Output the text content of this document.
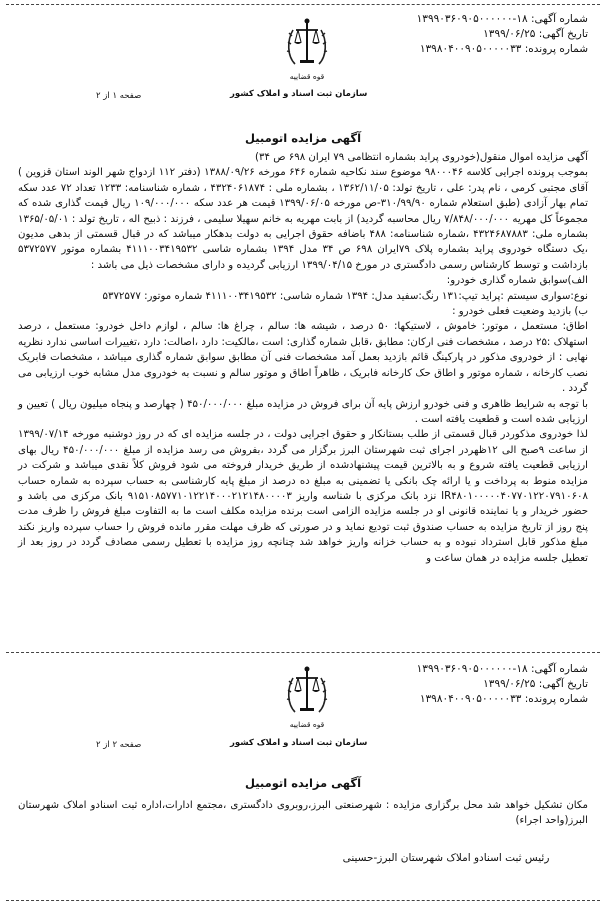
شماره آگهی: ۱۸-۱۳۹۹۰۳۶۰۹۰۵۰۰۰۰۰۰
تاریخ آگهی: ۱۳۹۹/۰۶/۲۵
شماره پرونده: ۱۳۹۸۰۴۰۰۹۰۵۰۰۰۰۰۳۳
قوه قضاییه
سازمان ثبت اسناد و املاک کشور
صفحه ۱ از ۲
آگهی مزایده اتومبیل

آگهی مزایده اموال منقول(خودروی پراید بشماره انتظامی ۷۹ ایران ۶۹۸ ص ۳۴)

بموجب پرونده اجرایی کلاسه ۹۸۰۰۰۴۶ موضوع سند نکاحیه شماره ۶۴۶ مورخه ۱۳۸۸/۰۹/۲۶ (دفتر ۱۱۲ ازدواج شهر الوند استان قزوین ) آقای مجتبی کرمی ، نام پدر: علی ، تاریخ تولد: ۱۳۶۲/۱۱/۰۵ ، بشماره ملی : ۴۳۲۴۰۶۱۸۷۴ ، شماره شناسنامه: ۱۲۳۳ تعداد ۷۲ عدد سکه تمام بهار آزادی (طبق استعلام شماره ۳۱۰/۹۹/۹۰-ص مورخه ۱۳۹۹/۰۶/۰۵ قیمت هر عدد سکه ۱۰۹/۰۰۰/۰۰۰ ریال قیمت گذاری شده که مجموعاً کل مهریه ۷/۸۴۸/۰۰۰/۰۰۰ ریال محاسبه گردید) از بابت مهریه به خانم سهیلا سلیمی ، فرزند : ذبیح اله ، تاریخ تولد : ۱۳۶۵/۰۵/۰۱ بشماره ملی: ۴۳۲۴۶۸۷۸۸۳ ،شماره شناسنامه: ۴۸۸ باضافه حقوق اجرایی به دولت بدهکار میباشد که در قبال قسمتی از بدهی مدیون ،یک دستگاه خودروی پراید بشماره پلاک ۷۹ایران ۶۹۸ ص ۳۴ مدل ۱۳۹۴ بشماره شاسی ۴۱۱۱۰۰۳۴۱۹۵۳۲ بشماره موتور ۵۳۷۲۵۷۷ بازداشت و توسط کارشناس رسمی دادگستری در مورخ ۱۳۹۹/۰۴/۱۵ ارزیابی گردیده و دارای مشخصات ذیل می باشد :

الف)سوابق شماره گذاری خودرو:

نوع:سواری سیستم :پراید تیپ:۱۳۱ رنگ:سفید مدل: ۱۳۹۴ شماره شاسی: ۴۱۱۱۰۰۳۴۱۹۵۳۲ شماره موتور: ۵۳۷۲۵۷۷

ب) بازدید وضعیت فعلی خودرو :

اطاق: مستعمل ، موتور: خاموش ، لاستیکها: ۵۰ درصد ، شیشه ها: سالم ، چراغ ها: سالم ، لوازم داخل خودرو: مستعمل ، درصد استهلاک :۲۵ درصد ، مشخصات فنی ارکان: مطابق ،قابل شماره گذاری: است ،مالکیت: دارد ،اصالت: دارد ،تغییرات اساسی ندارد نظریه نهایی : از خودروی مذکور در پارکینگ قائم بازدید بعمل آمد مشخصات فنی آن مطابق سوابق شماره گذاری میباشد ، مشخصات فابریک نصب کارخانه ، شماره موتور و اطاق حک کارخانه فابریک ، ظاهراً اطاق و موتور سالم و نسبت به خودروی مدل مشابه خوب ارزیابی می گردد .

با توجه به شرایط ظاهری و فنی خودرو ارزش پایه آن برای فروش در مزایده مبلغ ۴۵۰/۰۰۰/۰۰۰ ( چهارصد و پنجاه میلیون ریال ) تعیین و ارزیابی شده است و قطعیت یافته است .

لذا خودروی مذکوردر قبال قسمتی از طلب بستانکار و حقوق اجرایی دولت ، در جلسه مزایده ای که در روز دوشنبه مورخه ۱۳۹۹/۰۷/۱۴ از ساعت ۹صبح الی ۱۲ظهردر اجرای ثبت شهرستان البرز برگزار می گردد ،بفروش می رسد مزایده از مبلغ ۴۵۰/۰۰۰/۰۰۰ ریال بهای ارزیابی قطعیت یافته شروع و به بالاترین قیمت پیشنهادشده از طریق خریدار فروخته می شود فروش کلاً نقدی میباشد و شرکت در مزایده منوط به پرداخت و یا ارائه چک بانکی یا تضمینی به مبلغ ده درصد از مبلغ پایه کارشناسی به حساب سپرده به شماره حساب IR۴۸۰۱۰۰۰۰۰۴۰۷۷۰۱۲۲۰۷۹۱۰۶۰۸ نزد بانک مرکزی با شناسه واریز ۹۱۵۱۰۸۵۷۷۱۰۱۲۲۱۴۰۰۰۲۱۲۱۴۸۰۰۰۰۳ بانک مرکزی می باشد و حضور خریدار و یا نماینده قانونی او در جلسه مزایده الزامی است برنده مزایده مکلف است ما به التفاوت مبلغ فروش را ظرف مدت پنج روز از تاریخ مزایده به حساب صندوق ثبت تودیع نماید و در صورتی که ظرف مهلت مقرر مانده فروش را حساب سپرده واریز نکند مبلغ مذکور قابل استرداد نبوده و به حساب خزانه واریز خواهد شد چنانچه روز مزایده با تعطیل رسمی مصادف گردد در روز بعد از تعطیل جلسه مزایده در همان ساعت و

شماره آگهی: ۱۸-۱۳۹۹۰۳۶۰۹۰۵۰۰۰۰۰۰
تاریخ آگهی: ۱۳۹۹/۰۶/۲۵
شماره پرونده: ۱۳۹۸۰۴۰۰۹۰۵۰۰۰۰۰۳۳
قوه قضاییه
سازمان ثبت اسناد و املاک کشور
صفحه ۲ از ۲
آگهی مزایده اتومبیل

مکان تشکیل خواهد شد محل برگزاری مزایده : شهرصنعتی البرز،روبروی دادگستری ،مجتمع ادارات،اداره ثبت اسنادو املاک شهرستان البرز(واحد اجراء)

رئیس ثبت اسنادو املاک شهرستان البرز-حسینی
